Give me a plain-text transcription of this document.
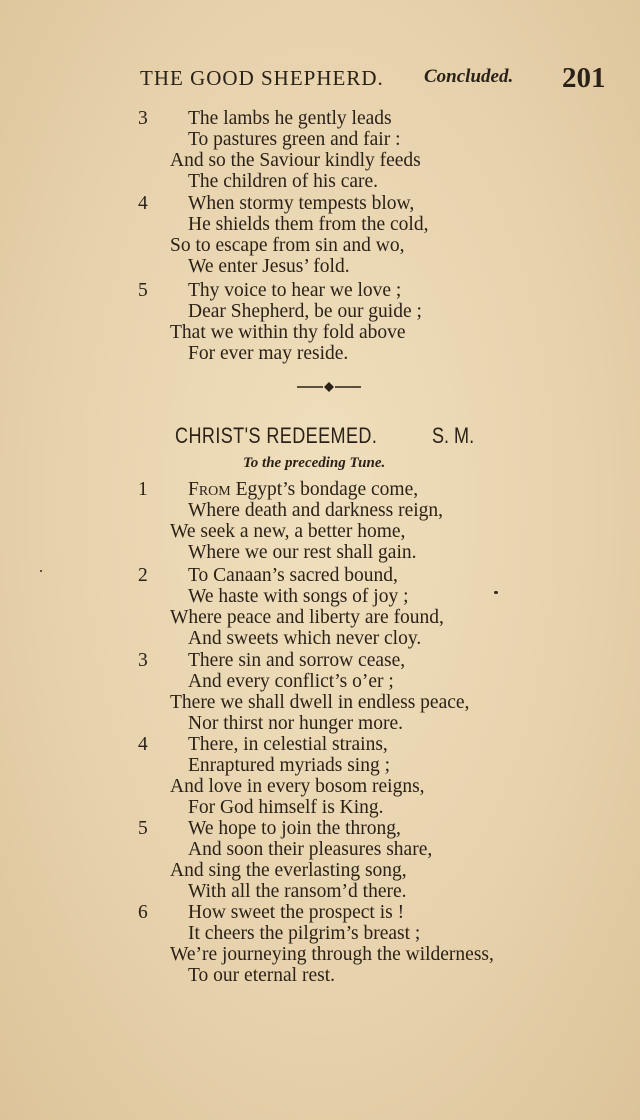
THE GOOD SHEPHERD. Concluded. 201
3 The lambs he gently leads
To pastures green and fair :
And so the Saviour kindly feeds
The children of his care.
4 When stormy tempests blow,
He shields them from the cold,
So to escape from sin and wo,
We enter Jesus’ fold.
5 Thy voice to hear we love ;
Dear Shepherd, be our guide ;
That we within thy fold above
For ever may reside.
CHRIST'S REDEEMED. S. M.
To the preceding Tune.
1 From Egypt’s bondage come,
Where death and darkness reign,
We seek a new, a better home,
Where we our rest shall gain.
2 To Canaan’s sacred bound,
We haste with songs of joy ;
Where peace and liberty are found,
And sweets which never cloy.
3 There sin and sorrow cease,
And every conflict’s o’er ;
There we shall dwell in endless peace,
Nor thirst nor hunger more.
4 There, in celestial strains,
Enraptured myriads sing ;
And love in every bosom reigns,
For God himself is King.
5 We hope to join the throng,
And soon their pleasures share,
And sing the everlasting song,
With all the ransom’d there.
6 How sweet the prospect is !
It cheers the pilgrim’s breast ;
We’re journeying through the wilderness,
To our eternal rest.
